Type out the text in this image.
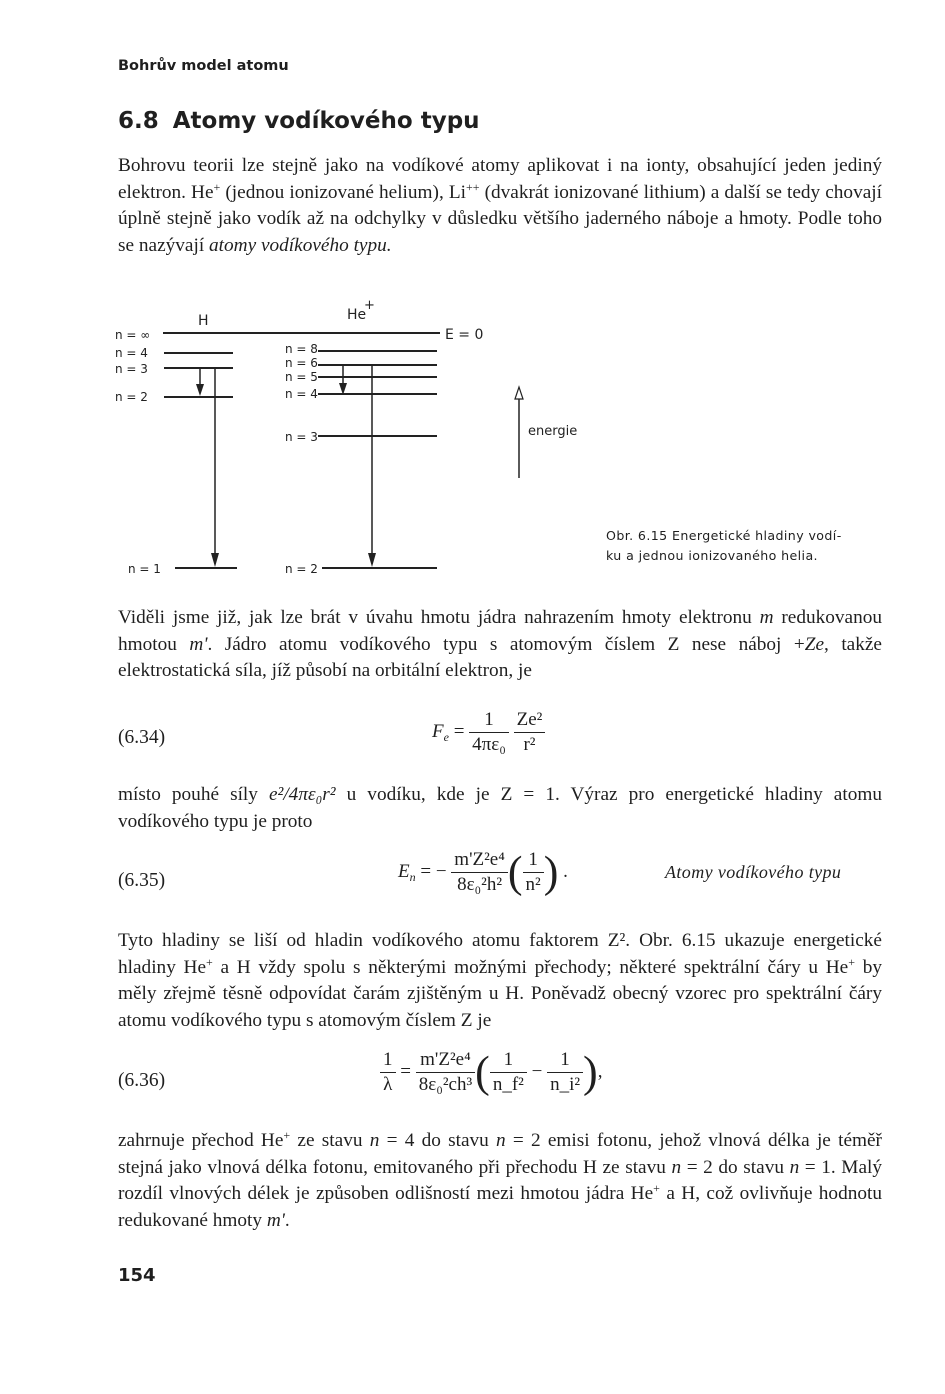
Bohrův model atomu
6.8 Atomy vodíkového typu

Bohrovu teorii lze stejně jako na vodíkové atomy aplikovat i na ionty, obsahující jeden jediný elektron. He+ (jednou ionizované helium), Li++ (dvakrát ionizované lithium) a další se tedy chovají úplně stejně jako vodík až na odchylky v důsledku většího jaderného náboje a hmoty. Podle toho se nazývají atomy vodíkového typu.

H	He
+
E = 0
n = ∞
n = 4
n = 3
n = 2
n = 1
n = 8
n = 6
n = 5
n = 4
n = 3
n = 2
energie
Obr. 6.15 Energetické hladiny vodí-
ku a jednou ionizovaného helia.

Viděli jsme již, jak lze brát v úvahu hmotu jádra nahrazením hmoty elektronu m redukovanou hmotou m'. Jádro atomu vodíkového typu s atomovým číslem Z nese náboj +Ze, takže elektrostatická síla, jíž působí na orbitální elektron, je

(6.34)	$F_e = \frac{1}{\text{4πε₀}}$
$\frac{\text{Ze²}}{\text{r²}}$

místo pouhé síly e²/4πε₀r² u vodíku, kde je Z = 1. Výraz pro energetické hladiny atomu vodíkového typu je proto

(6.35)	$E_n$ = − $\frac{\text{m'Z²e⁴}}{\text{8ε₀²h²}}$ ( $\frac{1}{\text{n²}}$ ) .	Atomy vodíkového typu

Tyto hladiny se liší od hladin vodíkového atomu faktorem Z². Obr. 6.15 ukazuje energetické hladiny He+ a H vždy spolu s některými možnými přechody; některé spektrální čáry u He+ by měly zřejmě těsně odpovídat čarám zjištěným u H. Poněvadž obecný vzorec pro spektrální čáry atomu vodíkového typu s atomovým číslem Z je

(6.36)	$\frac{1}{\lambda} = \frac{\text{m'Z²e⁴}}{\text{8ε₀²ch³}}$ ( $\frac{1}{\text{n\_f²}} - \frac{1}{\text{n\_i²}}$ ),

zahrnuje přechod He+ ze stavu n = 4 do stavu n = 2 emisi fotonu, jehož vlnová délka je téměř stejná jako vlnová délka fotonu, emitovaného při přechodu H ze stavu n = 2 do stavu n = 1. Malý rozdíl vlnových délek je způsoben odlišností mezi hmotou jádra He+ a H, což ovlivňuje hodnotu redukované hmoty m'.

154
